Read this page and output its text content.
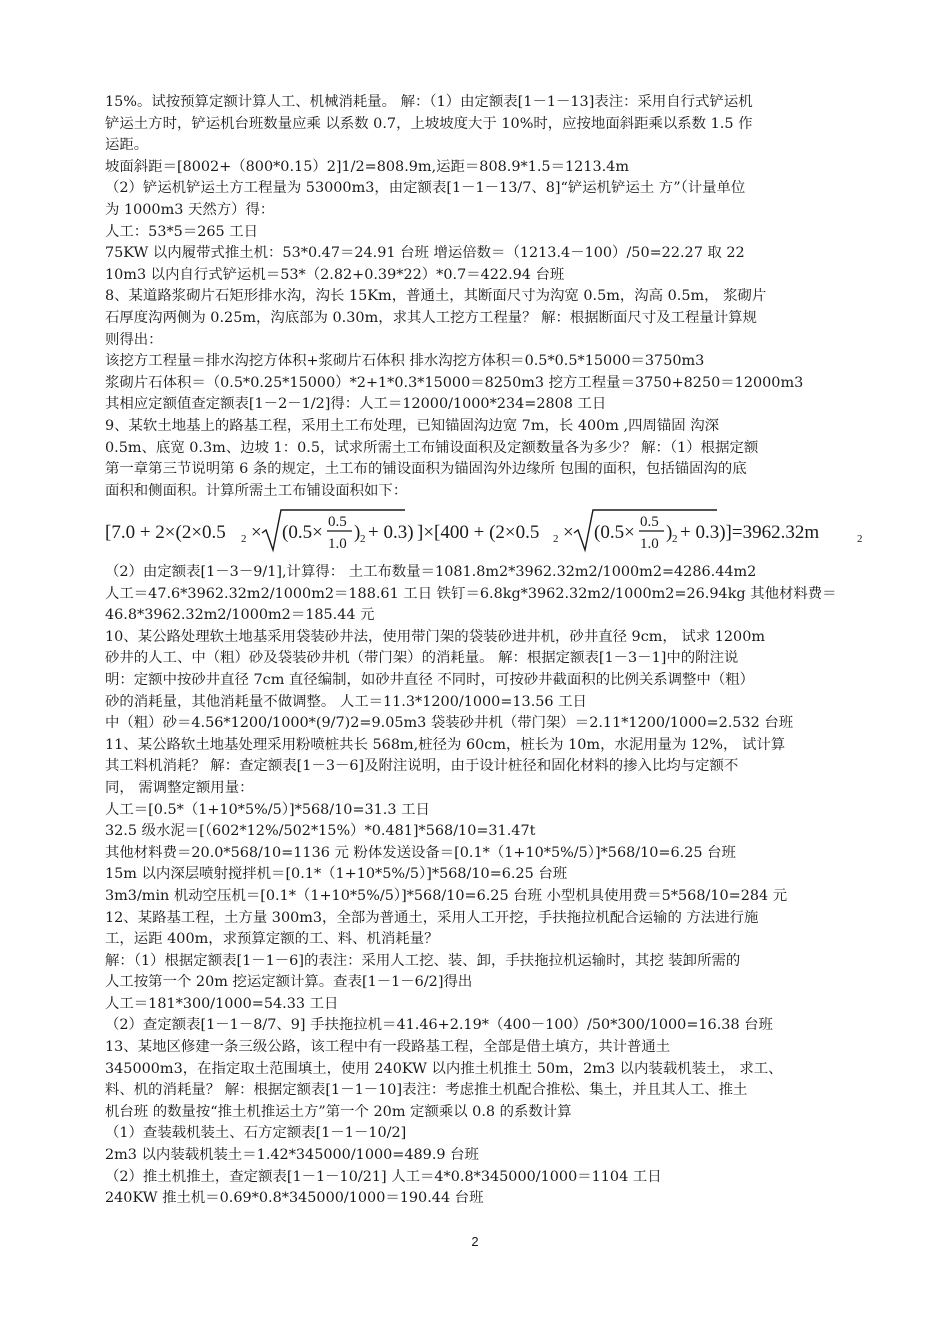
15%。试按预算定额计算人工、机械消耗量。 解：（1）由定额表[1－1－13]表注：采用自行式铲运机
铲运土方时，铲运机台班数量应乘 以系数 0.7，上坡坡度大于 10%时，应按地面斜距乘以系数 1.5 作
运距。
坡面斜距＝[8002+（800*0.15）2]1/2=808.9m,运距＝808.9*1.5＝1213.4m
（2）铲运机铲运土方工程量为 53000m3，由定额表[1－1－13/7、8]“铲运机铲运土 方”（计量单位
为 1000m3 天然方）得：
人工：53*5＝265 工日
75KW 以内履带式推土机：53*0.47＝24.91 台班 增运倍数＝（1213.4－100）/50=22.27 取 22
10m3 以内自行式铲运机＝53*（2.82+0.39*22）*0.7＝422.94 台班
8、某道路浆砌片石矩形排水沟，沟长 15Km，普通土，其断面尺寸为沟宽 0.5m，沟高 0.5m， 浆砌片
石厚度沟两侧为 0.25m，沟底部为 0.30m，求其人工挖方工程量？ 解：根据断面尺寸及工程量计算规
则得出：
该挖方工程量＝排水沟挖方体积+浆砌片石体积 排水沟挖方体积＝0.5*0.5*15000＝3750m3
浆砌片石体积＝（0.5*0.25*15000）*2+1*0.3*15000＝8250m3 挖方工程量＝3750+8250＝12000m3
其相应定额值查定额表[1－2－1/2]得：人工＝12000/1000*234=2808 工日
9、某软土地基上的路基工程，采用土工布处理，已知锚固沟边宽 7m，长 400m ,四周锚固 沟深
0.5m、底宽 0.3m、边坡 1：0.5，试求所需土工布铺设面积及定额数量各为多少？ 解：（1）根据定额
第一章第三节说明第 6 条的规定，土工布的铺设面积为锚固沟外边缘所 包围的面积，包括锚固沟的底
面积和侧面积。计算所需土工布铺设面积如下：
[7.0 + 2×(2×0.5 2 × (0.5× 0.5
1.0
) 2 + 0.3) ]×[400 + (2×0.5 2 × (0.5× 0.5
1.0
) 2 + 0.3)]=3962.32m	2
（2）由定额表[1－3－9/1],计算得： 土工布数量＝1081.8m2*3962.32m2/1000m2=4286.44m2
人工＝47.6*3962.32m2/1000m2＝188.61 工日 铁钉＝6.8kg*3962.32m2/1000m2=26.94kg 其他材料费＝
46.8*3962.32m2/1000m2＝185.44 元
10、某公路处理软土地基采用袋装砂井法，使用带门架的袋装砂进井机，砂井直径 9cm， 试求 1200m
砂井的人工、中（粗）砂及袋装砂井机（带门架）的消耗量。 解：根据定额表[1－3－1]中的附注说
明：定额中按砂井直径 7cm 直径编制，如砂井直径 不同时，可按砂井截面积的比例关系调整中（粗）
砂的消耗量，其他消耗量不做调整。 人工＝11.3*1200/1000=13.56 工日
中（粗）砂＝4.56*1200/1000*(9/7)2=9.05m3 袋装砂井机（带门架）＝2.11*1200/1000=2.532 台班
11、某公路软土地基处理采用粉喷桩共长 568m,桩径为 60cm，桩长为 10m，水泥用量为 12%， 试计算
其工料机消耗？ 解：查定额表[1－3－6]及附注说明，由于设计桩径和固化材料的掺入比均与定额不
同， 需调整定额用量：
人工＝[0.5*（1+10*5%/5）]*568/10=31.3 工日
32.5 级水泥＝[（602*12%/502*15%）*0.481]*568/10=31.47t
其他材料费＝20.0*568/10=1136 元 粉体发送设备＝[0.1*（1+10*5%/5）]*568/10=6.25 台班
15m 以内深层喷射搅拌机＝[0.1*（1+10*5%/5）]*568/10=6.25 台班
3m3/min 机动空压机＝[0.1*（1+10*5%/5）]*568/10=6.25 台班 小型机具使用费＝5*568/10=284 元
12、某路基工程，土方量 300m3，全部为普通土，采用人工开挖，手扶拖拉机配合运输的 方法进行施
工，运距 400m，求预算定额的工、料、机消耗量？
解：（1）根据定额表[1－1－6]的表注：采用人工挖、装、卸，手扶拖拉机运输时，其挖 装卸所需的
人工按第一个 20m 挖运定额计算。查表[1－1－6/2]得出
人工＝181*300/1000=54.33 工日
（2）查定额表[1－1－8/7、9] 手扶拖拉机＝41.46+2.19*（400－100）/50*300/1000=16.38 台班
13、某地区修建一条三级公路，该工程中有一段路基工程，全部是借土填方，共计普通土
345000m3，在指定取土范围填土，使用 240KW 以内推土机推土 50m，2m3 以内装载机装土， 求工、
料、机的消耗量？ 解：根据定额表[1－1－10]表注：考虑推土机配合推松、集土，并且其人工、推土
机台班 的数量按“推土机推运土方”第一个 20m 定额乘以 0.8 的系数计算
（1）查装载机装土、石方定额表[1－1－10/2]
2m3 以内装载机装土＝1.42*345000/1000=489.9 台班
（2）推土机推土，查定额表[1－1－10/21] 人工＝4*0.8*345000/1000＝1104 工日
240KW 推土机＝0.69*0.8*345000/1000＝190.44 台班
2
